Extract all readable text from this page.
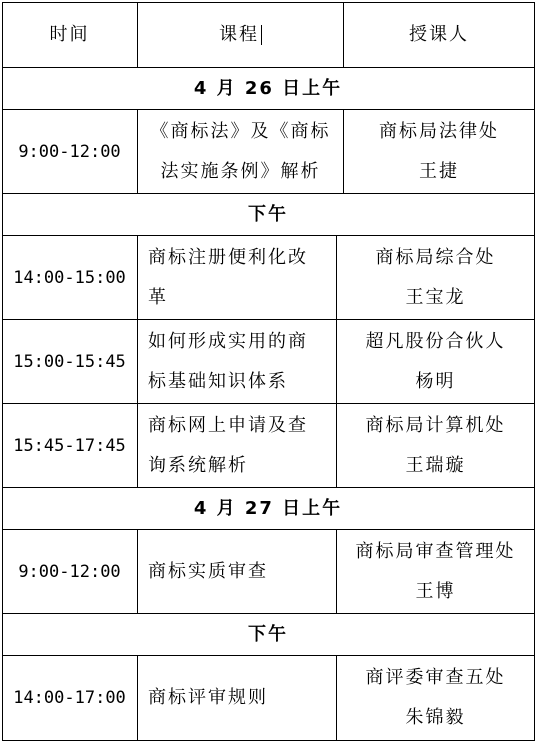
时间	课程	授课人
4 月 26 日上午
9:00-12:00
《商标法》及《商标
法实施条例》解析
商标局法律处
王捷
下午
14:00-15:00
商标注册便利化改
革
商标局综合处
王宝龙
15:00-15:45
如何形成实用的商
标基础知识体系
超凡股份合伙人
杨明
15:45-17:45
商标网上申请及查
询系统解析
商标局计算机处
王瑞璇
4 月 27 日上午
9:00-12:00 商标实质审查
商标局审查管理处
王博
下午
14:00-17:00 商标评审规则
商评委审查五处
朱锦毅
